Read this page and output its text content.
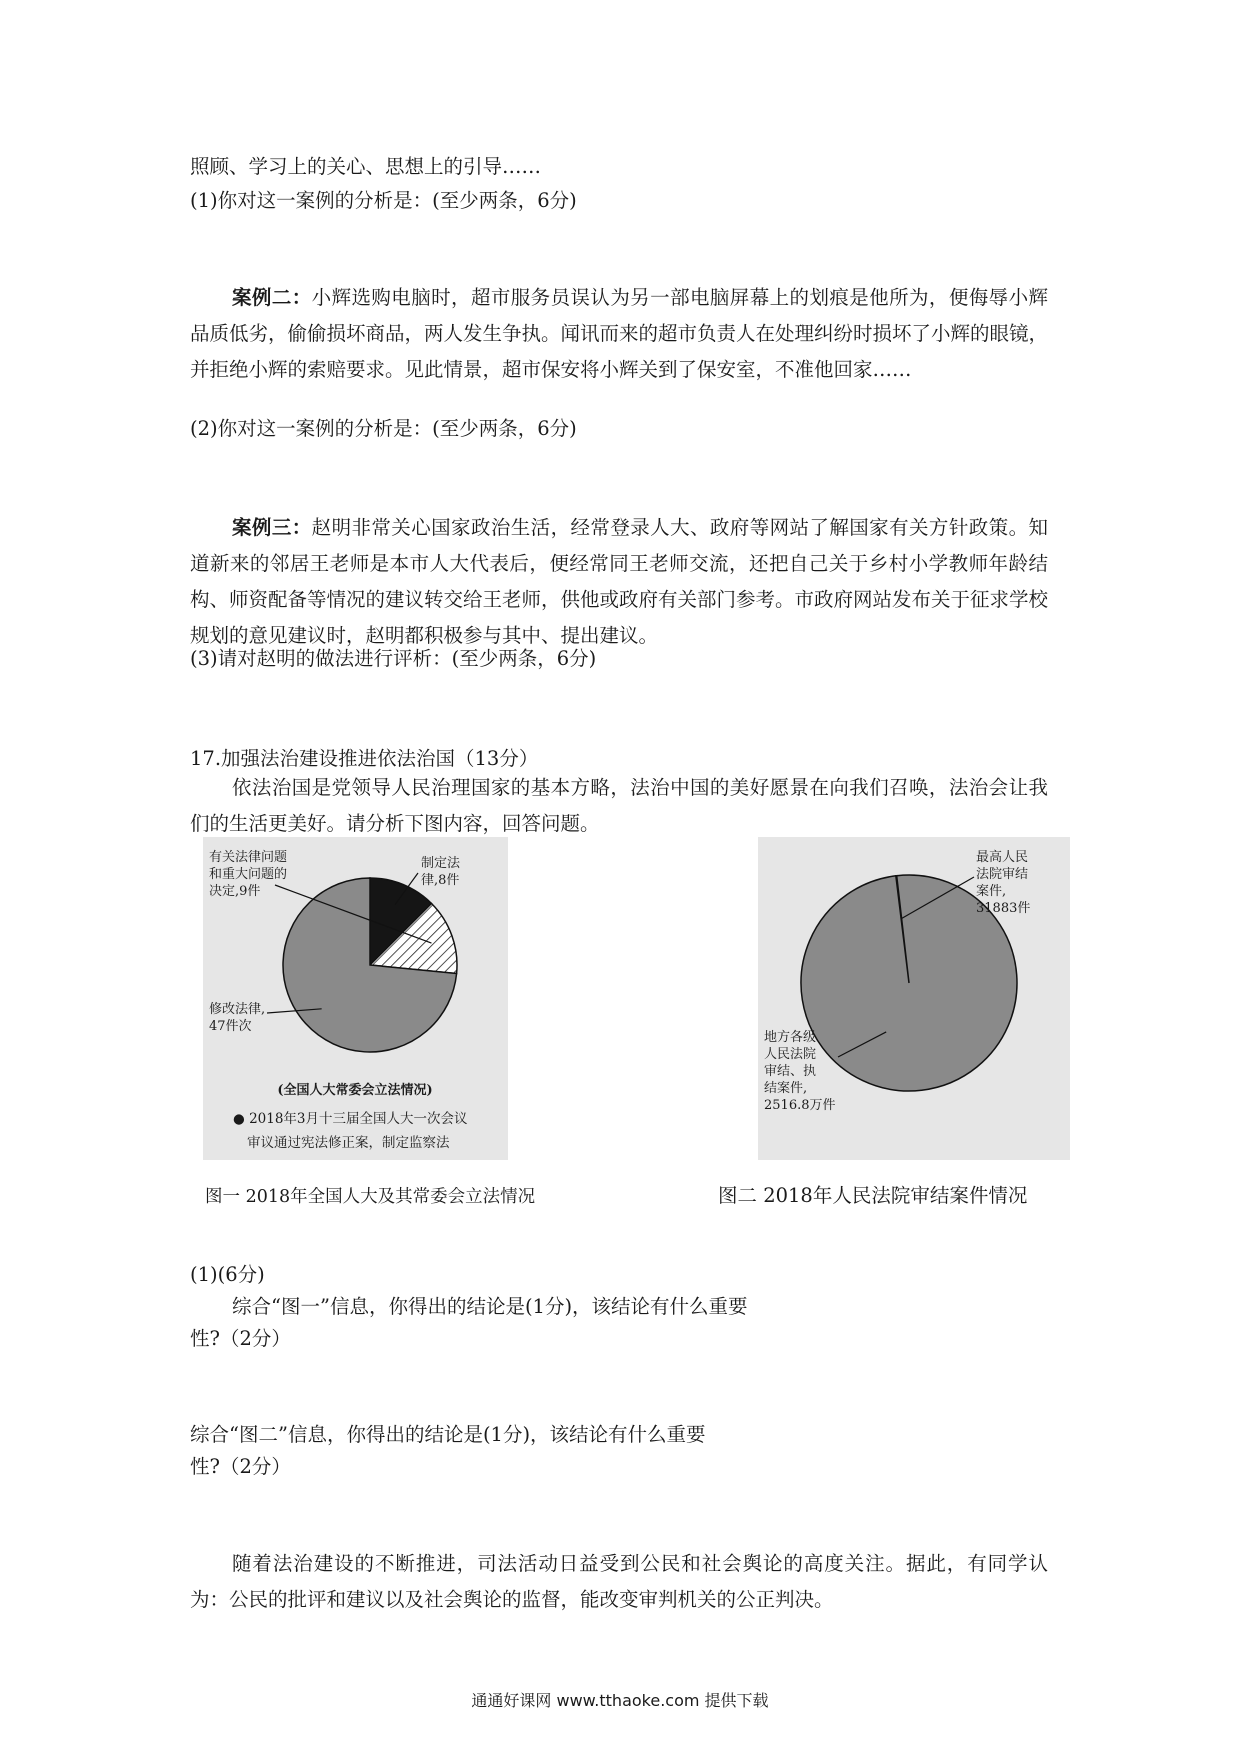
照顾、学习上的关心、思想上的引导……
(1)你对这一案例的分析是：(至少两条，6分)
案例二：小辉选购电脑时，超市服务员误认为另一部电脑屏幕上的划痕是他所为，便侮辱小辉品质低劣，偷偷损坏商品，两人发生争执。闻讯而来的超市负责人在处理纠纷时损坏了小辉的眼镜，并拒绝小辉的索赔要求。见此情景，超市保安将小辉关到了保安室，不准他回家……
(2)你对这一案例的分析是：(至少两条，6分)
案例三：赵明非常关心国家政治生活，经常登录人大、政府等网站了解国家有关方针政策。知道新来的邻居王老师是本市人大代表后，便经常同王老师交流，还把自己关于乡村小学教师年龄结构、师资配备等情况的建议转交给王老师，供他或政府有关部门参考。市政府网站发布关于征求学校规划的意见建议时，赵明都积极参与其中、提出建议。
(3)请对赵明的做法进行评析：(至少两条，6分)
17.加强法治建设推进依法治国（13分）
依法治国是党领导人民治理国家的基本方略，法治中国的美好愿景在向我们召唤，法治会让我们的生活更美好。请分析下图内容，回答问题。
制定法律,8件
有关法律问题和重大问题的决定,9件
修改法律, 47件次
(全国人大常委会立法情况)
● 2018年3月十三届全国人大一次会议
审议通过宪法修正案，制定监察法
最高人民法院审结案件, 31883件
地方各级人民法院审结、执结案件, 2516.8万件
图一 2018年全国人大及其常委会立法情况	图二 2018年人民法院审结案件情况
(1)(6分)
综合“图一”信息，你得出的结论是(1分)，该结论有什么重要
性?（2分）
综合“图二”信息，你得出的结论是(1分)，该结论有什么重要
性?（2分）
随着法治建设的不断推进，司法活动日益受到公民和社会舆论的高度关注。据此，有同学认为：公民的批评和建议以及社会舆论的监督，能改变审判机关的公正判决。
通通好课网 www.tthaoke.com 提供下载
